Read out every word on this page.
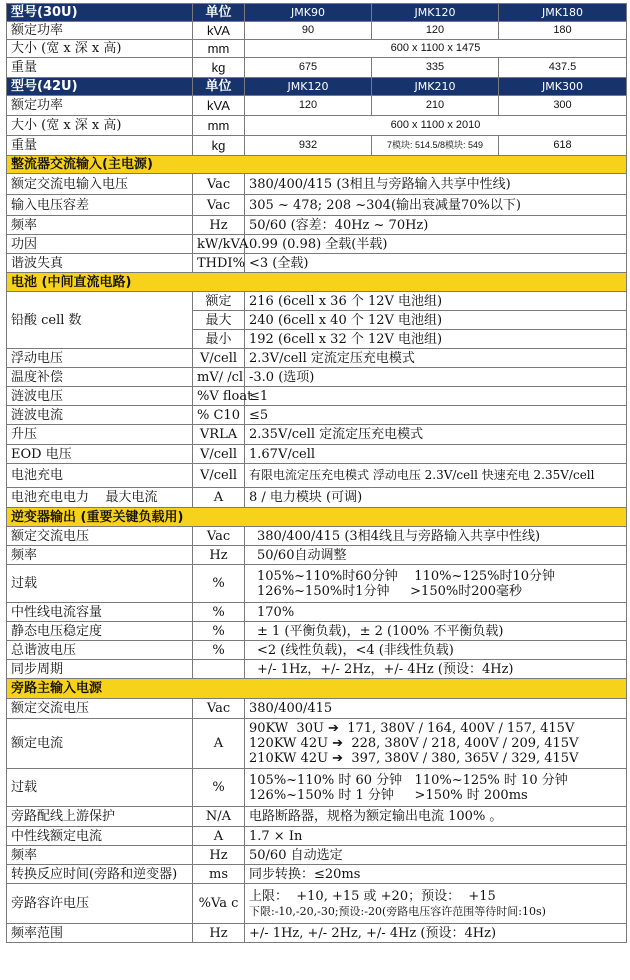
型号(30U)	单位	JMK90	JMK120	JMK180
额定功率	kVA	90	120	180
大小 (宽 x 深 x 高)	mm	600 x 1100 x 1475		
重量	kg	675	335	437.5
型号(42U)	单位	JMK120	JMK210	JMK300
额定功率	kVA	120	210	300
大小 (宽 x 深 x 高)	mm	600 x 1100 x 2010		
重量	kg	932	7模块: 514.5/8模块: 549	618
整流器交流输入(主电源)				
额定交流电输入电压	Vac	380/400/415 (3相且与旁路输入共享中性线)		
输入电压容差	Vac	305 ~ 478; 208 ~304(输出衰减量70%以下)		
频率	Hz	50/60 (容差：40Hz ~ 70Hz)		
功因	kW/kVA	0.99 (0.98) 全载(半载)		
谐波失真	THDI%	<3 (全载)		
电池 (中间直流电路)				
铅酸 cell 数	额定	216 (6cell x 36 个 12V 电池组)		
	最大	240 (6cell x 40 个 12V 电池组)		
	最小	192 (6cell x 32 个 12V 电池组)		
浮动电压	V/cell	2.3V/cell 定流定压充电模式		
温度补偿	mV/ /cl	-3.0 (选项)		
涟波电压	%V float	≤1		
涟波电流	% C10	≤5		
升压	VRLA	2.35V/cell 定流定压充电模式		
EOD 电压	V/cell	1.67V/cell		
电池充电	V/cell	有限电流定压充电模式 浮动电压 2.3V/cell 快速充电 2.35V/cell		
电池充电电力    最大电流	A	8 / 电力模块 (可调)		
逆变器输出 (重要关键负载用)				
额定交流电压	Vac	380/400/415 (3相4线且与旁路输入共享中性线)		
频率	Hz	50/60自动调整		
过载	%	105%~110%时60分钟    110%~125%时10分钟
126%~150%时1分钟     >150%时200毫秒		

中性线电流容量	%	170%		
静态电压稳定度	%	± 1 (平衡负载)，± 2 (100% 不平衡负载)		
总谐波电压	%	<2 (线性负载)，<4 (非线性负载)		
同步周期		+/- 1Hz，+/- 2Hz，+/- 4Hz (预设：4Hz)		
旁路主输入电源				
额定交流电压	Vac	380/400/415		
额定电流	A	90KW  30U ➔  171, 380V / 164, 400V / 157, 415V
120KW 42U ➔  228, 380V / 218, 400V / 209, 415V
210KW 42U ➔  397, 380V / 380, 365V / 329, 415V		

过载	%	105%~110% 时 60 分钟   110%~125% 时 10 分钟
126%~150% 时 1 分钟     >150% 时 200ms		

旁路配线上游保护	N/A	电路断路器，规格为额定输出电流 100% 。		
中性线额定电流	A	1.7 × In		
频率	Hz	50/60 自动选定		
转换反应时间(旁路和逆变器)	ms	同步转换：≤20ms		
旁路容许电压	%Va c	上限：  +10, +15 或 +20；预设：  +15
下限:-10,-20,-30;预设:-20(旁路电压容许范围等待时间:10s)		

频率范围	Hz	+/- 1Hz, +/- 2Hz, +/- 4Hz (预设：4Hz)		
